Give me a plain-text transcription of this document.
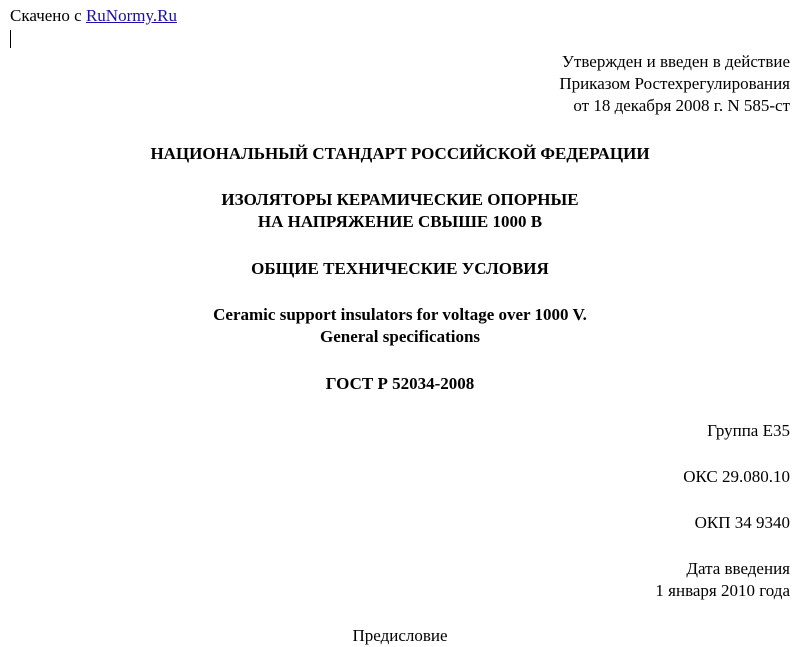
Скачено с RuNormy.Ru
Утвержден и введен в действие
Приказом Ростехрегулирования
от 18 декабря 2008 г. N 585-ст
НАЦИОНАЛЬНЫЙ СТАНДАРТ РОССИЙСКОЙ ФЕДЕРАЦИИ
ИЗОЛЯТОРЫ КЕРАМИЧЕСКИЕ ОПОРНЫЕ
НА НАПРЯЖЕНИЕ СВЫШЕ 1000 В
ОБЩИЕ ТЕХНИЧЕСКИЕ УСЛОВИЯ
Ceramic support insulators for voltage over 1000 V.
General specifications
ГОСТ Р 52034-2008
Группа Е35
ОКС 29.080.10
ОКП 34 9340
Дата введения
1 января 2010 года
Предисловие
